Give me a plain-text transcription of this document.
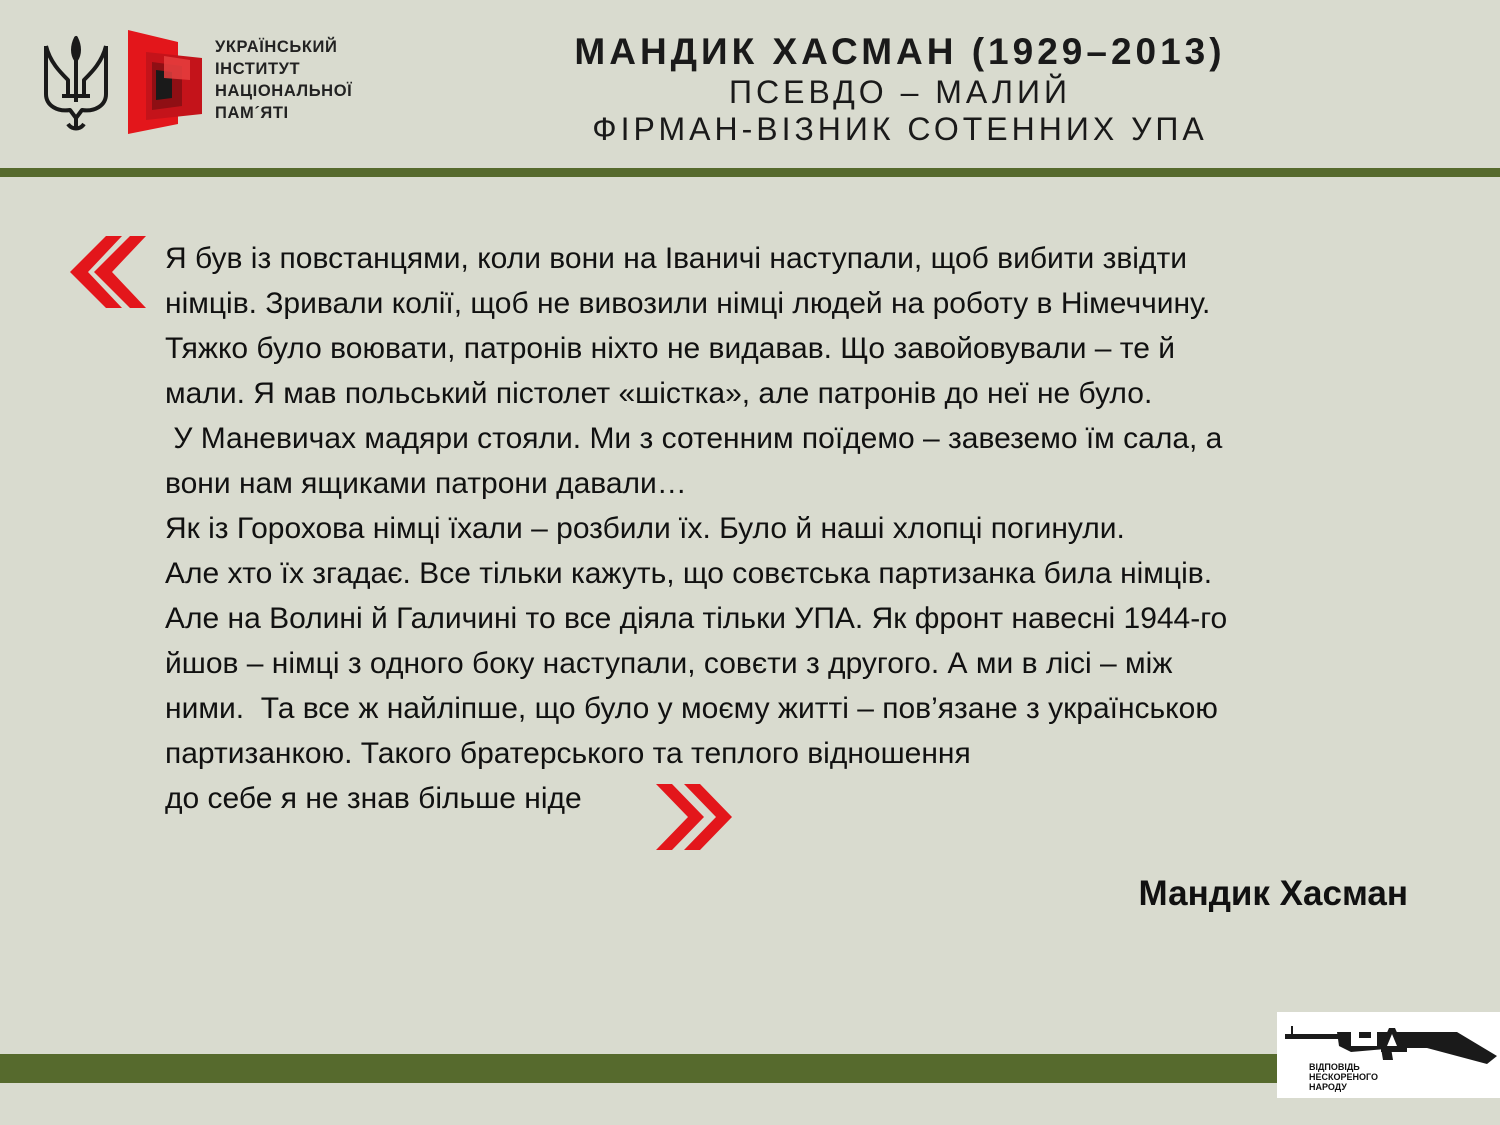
УКРАЇНСЬКИЙ
ІНСТИТУТ
НАЦІОНАЛЬНОЇ
ПАМ´ЯТІ
МАНДИК ХАСМАН (1929–2013)
ПСЕВДО – МАЛИЙ
ФІРМАН-ВІЗНИК СОТЕННИХ УПА
Я був із повстанцями, коли вони на Іваничі наступали, щоб вибити звідти
німців. Зривали колії, щоб не вивозили німці людей на роботу в Німеччину.
Тяжко було воювати, патронів ніхто не видавав. Що завойовували – те й
мали. Я мав польський пістолет «шістка», але патронів до неї не було.
У Маневичах мадяри стояли. Ми з сотенним поїдемо – завеземо їм сала, а
вони нам ящиками патрони давали…
Як із Горохова німці їхали – розбили їх. Було й наші хлопці погинули.
Але хто їх згадає. Все тільки кажуть, що совєтська партизанка била німців.
Але на Волині й Галичині то все діяла тільки УПА. Як фронт навесні 1944-го
йшов – німці з одного боку наступали, совєти з другого. А ми в лісі – між
ними.  Та все ж найліпше, що було у моєму житті – пов’язане з українською
партизанкою. Такого братерського та теплого відношення
до себе я не знав більше ніде
Мандик Хасман
ВІДПОВІДЬ
НЕСКОРЕНОГО
НАРОДУ
